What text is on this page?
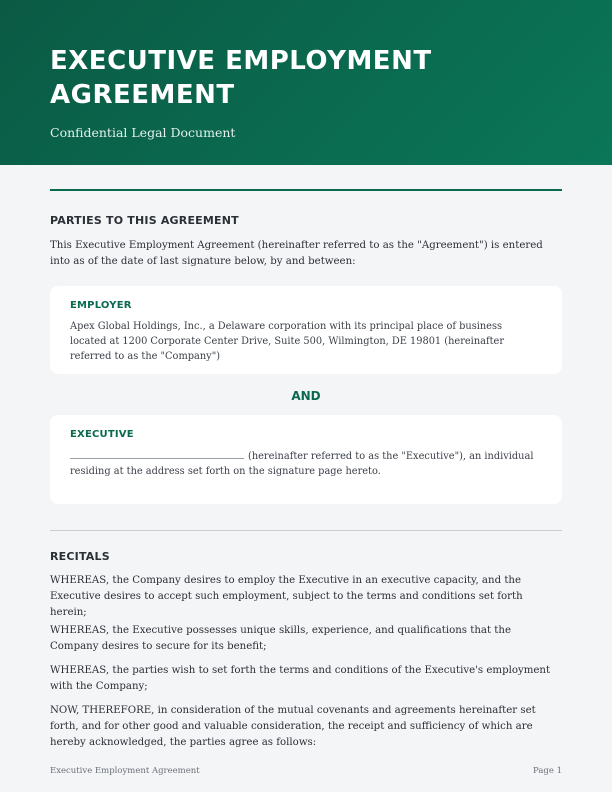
EXECUTIVE EMPLOYMENT AGREEMENT
Confidential Legal Document
PARTIES TO THIS AGREEMENT
This Executive Employment Agreement (hereinafter referred to as the "Agreement") is entered into as of the date of last signature below, by and between:
EMPLOYER
Apex Global Holdings, Inc., a Delaware corporation with its principal place of business located at 1200 Corporate Center Drive, Suite 500, Wilmington, DE 19801 (hereinafter referred to as the "Company")
AND
EXECUTIVE
(hereinafter referred to as the "Executive"), an individual residing at the address set forth on the signature page hereto.
RECITALS
WHEREAS, the Company desires to employ the Executive in an executive capacity, and the Executive desires to accept such employment, subject to the terms and conditions set forth herein;
WHEREAS, the Executive possesses unique skills, experience, and qualifications that the Company desires to secure for its benefit;
WHEREAS, the parties wish to set forth the terms and conditions of the Executive's employment with the Company;
NOW, THEREFORE, in consideration of the mutual covenants and agreements hereinafter set forth, and for other good and valuable consideration, the receipt and sufficiency of which are hereby acknowledged, the parties agree as follows:
Executive Employment Agreement	Page 1
